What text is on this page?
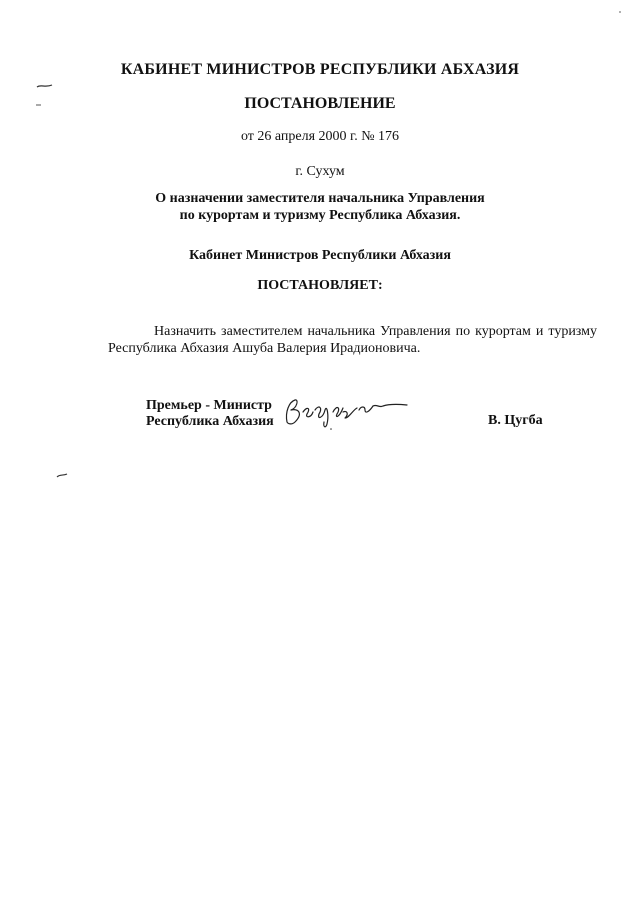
КАБИНЕТ МИНИСТРОВ РЕСПУБЛИКИ АБХАЗИЯ
ПОСТАНОВЛЕНИЕ
от 26 апреля 2000 г. № 176
г. Сухум
О назначении заместителя начальника Управления
по курортам и туризму Республика Абхазия.
Кабинет Министров Республики Абхазия
ПОСТАНОВЛЯЕТ:
Назначить заместителем начальника Управления по курортам и туризму
Республика Абхазия Ашуба Валерия Ирадионовича.
Премьер - Министр
Республика Абхазия	В. Цугба
